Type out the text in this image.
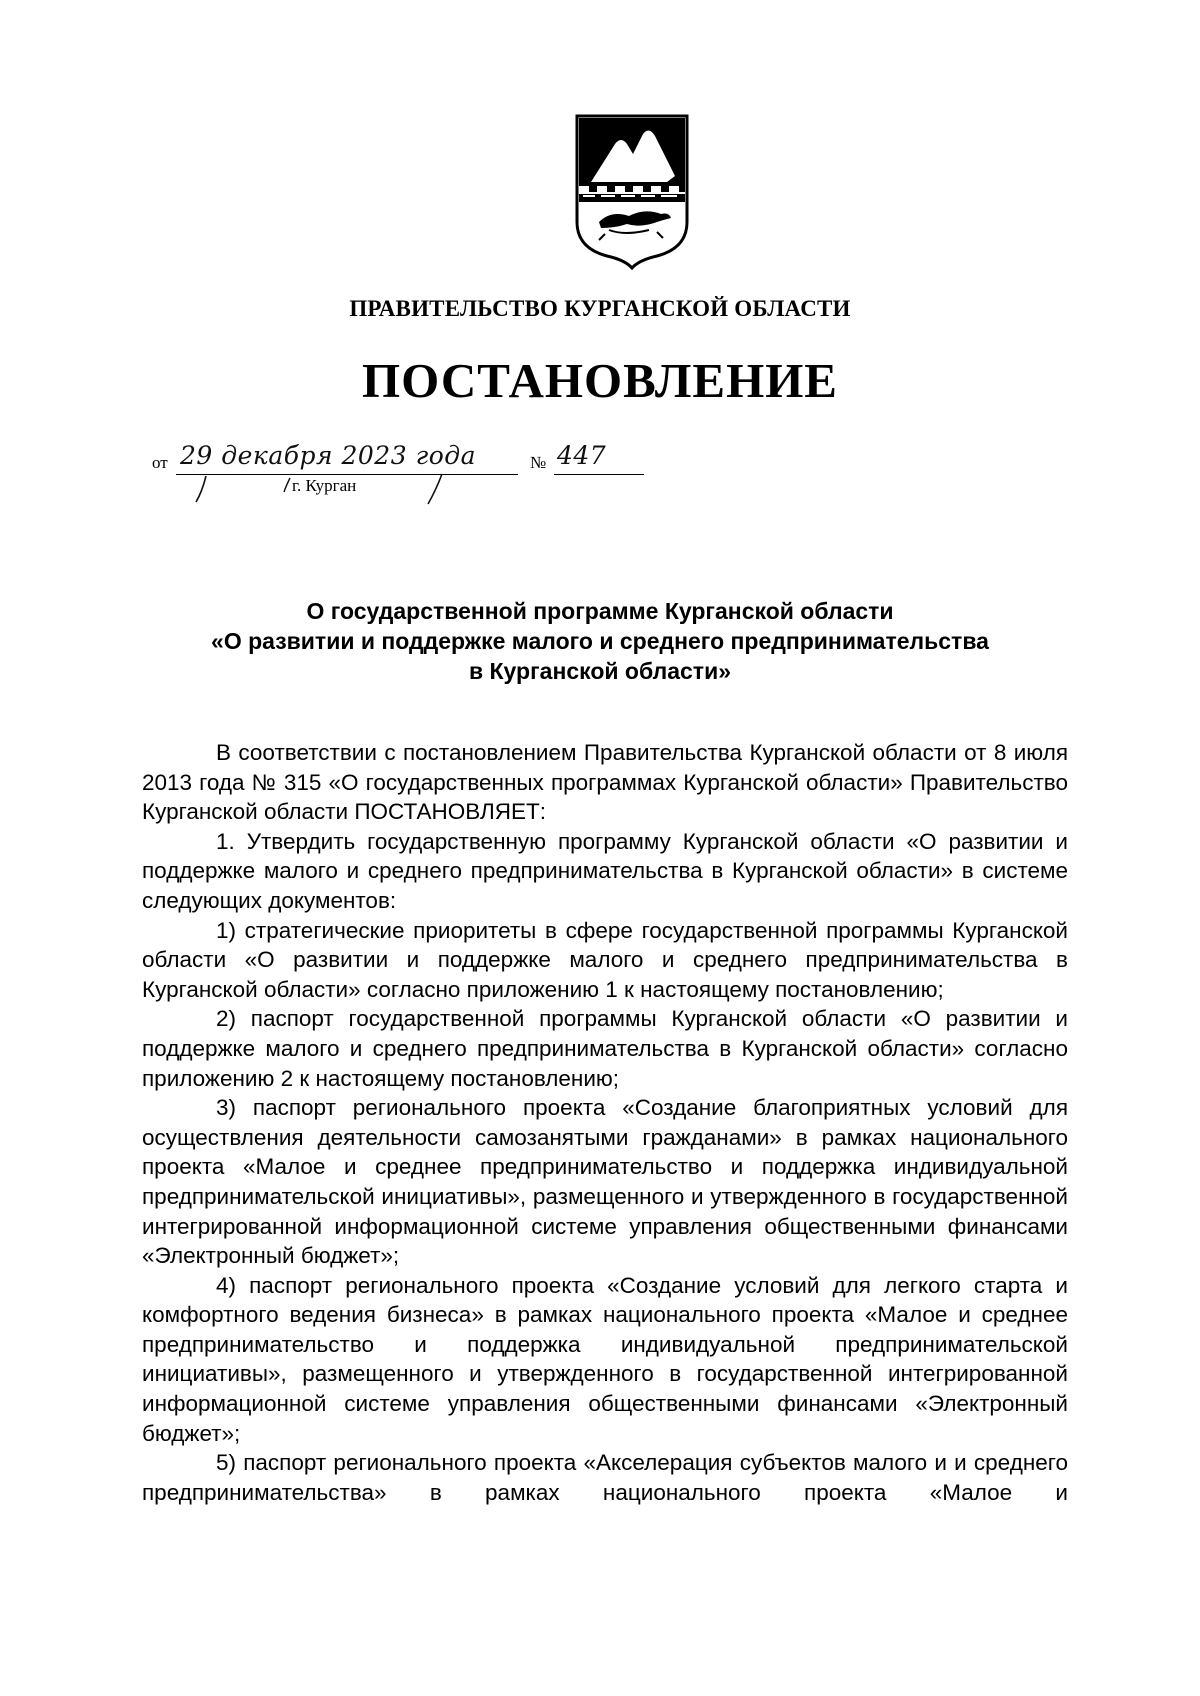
ПРАВИТЕЛЬСТВО КУРГАНСКОЙ ОБЛАСТИ
ПОСТАНОВЛЕНИЕ
от 29 декабря 2023 года	№ 447
г. Курган
О государственной программе Курганской области
«О развитии и поддержке малого и среднего предпринимательства
в Курганской области»

В соответствии с постановлением Правительства Курганской области от 8 июля 2013 года № 315 «О государственных программах Курганской области» Правительство Курганской области ПОСТАНОВЛЯЕТ:

1. Утвердить государственную программу Курганской области «О развитии и поддержке малого и среднего предпринимательства в Курганской области» в системе следующих документов:

1) стратегические приоритеты в сфере государственной программы Курганской области «О развитии и поддержке малого и среднего предпринимательства в Курганской области» согласно приложению 1 к настоящему постановлению;

2) паспорт государственной программы Курганской области «О развитии и поддержке малого и среднего предпринимательства в Курганской области» согласно приложению 2 к настоящему постановлению;

3) паспорт регионального проекта «Создание благоприятных условий для осуществления деятельности самозанятыми гражданами» в рамках национального проекта «Малое и среднее предпринимательство и поддержка индивидуальной предпринимательской инициативы», размещенного и утвержденного в государственной интегрированной информационной системе управления общественными финансами «Электронный бюджет»;

4) паспорт регионального проекта «Создание условий для легкого старта и комфортного ведения бизнеса» в рамках национального проекта «Малое и среднее предпринимательство и поддержка индивидуальной предпринимательской инициативы», размещенного и утвержденного в государственной интегрированной информационной системе управления общественными финансами «Электронный бюджет»;

5) паспорт регионального проекта «Акселерация субъектов малого и и среднего предпринимательства» в рамках национального проекта «Малое и
